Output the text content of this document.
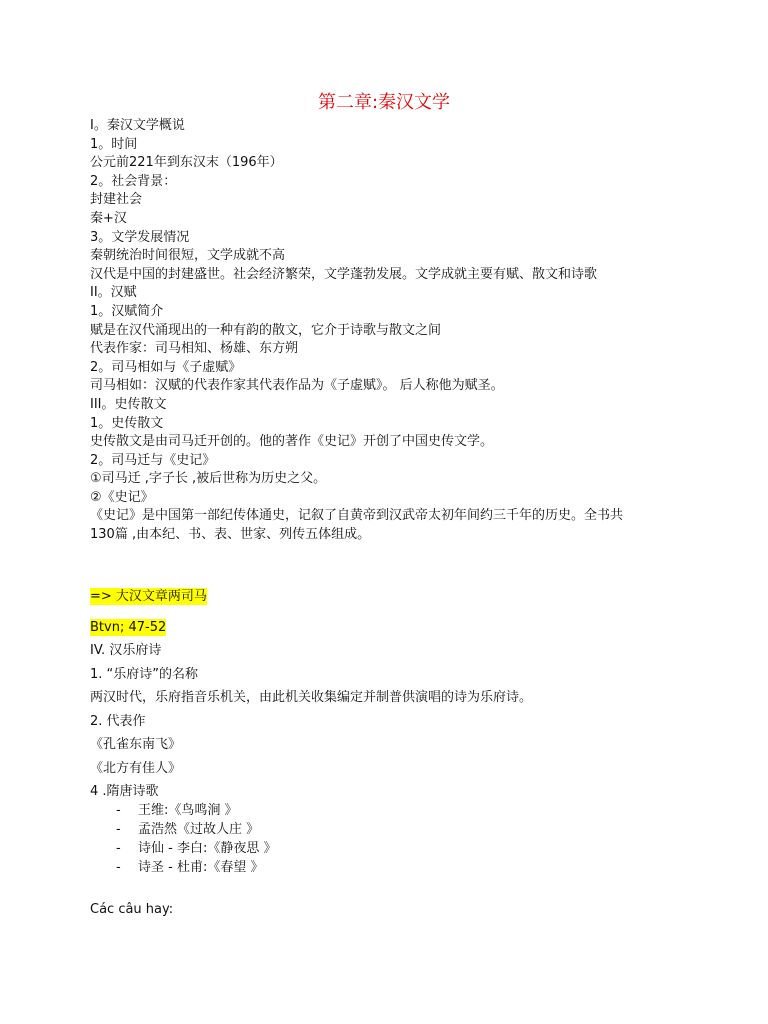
第二章:秦汉文学
I。秦汉文学概说
1。时间
公元前221年到东汉末（196年）
2。社会背景：
封建社会
秦+汉
3。文学发展情况
秦朝统治时间很短，文学成就不高
汉代是中国的封建盛世。社会经济繁荣，文学蓬勃发展。文学成就主要有赋、散文和诗歌
II。汉赋
1。汉赋简介
赋是在汉代涌现出的一种有韵的散文，它介于诗歌与散文之间
代表作家：司马相知、杨雄、东方朔
2。司马相如与《子虚赋》
司马相如：汉赋的代表作家其代表作品为《子虚赋》。 后人称他为赋圣。
III。史传散文
1。史传散文
史传散文是由司马迁开创的。他的著作《史记》开创了中国史传文学。
2。司马迁与《史记》
①司马迁 ,字子长 ,被后世称为历史之父。
②《史记》
《史记》是中国第一部纪传体通史，记叙了自黄帝到汉武帝太初年间约三千年的历史。全书共
130篇 ,由本纪、书、表、世家、列传五体组成。
=> 大汉文章两司马
Btvn; 47-52
IV. 汉乐府诗
1. “乐府诗”的名称
两汉时代，乐府指音乐机关，由此机关收集编定并制普供演唱的诗为乐府诗。
2. 代表作
《孔雀东南飞》
《北方有佳人》
4 .隋唐诗歌
- 王维:《鸟鸣涧 》
- 孟浩然《过故人庄 》
- 诗仙 - 李白:《静夜思 》
- 诗圣 - 杜甫:《春望 》
Các câu hay:
